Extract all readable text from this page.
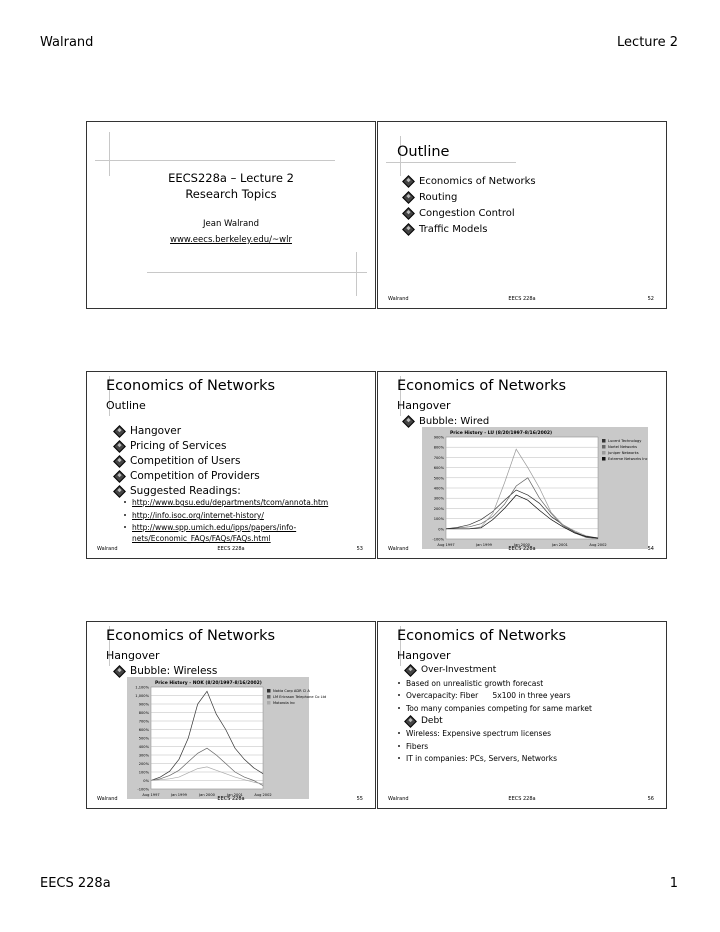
Walrand	Lecture 2
EECS228a – Lecture 2
Research Topics
Jean Walrand
www.eecs.berkeley.edu/~wlr
Outline
Economics of Networks
Routing
Congestion Control
Traffic Models
Walrand	EECS 228a	52
Economics of Networks
Outline
Hangover
Pricing of Services
Competition of Users
Competition of Providers
Suggested Readings:
http://www.bgsu.edu/departments/tcom/annota.htm
http://info.isoc.org/internet-history/
http://www.spp.umich.edu/ipps/papers/info-
nets/Economic_FAQs/FAQs/FAQs.html
Walrand	EECS 228a	53
Economics of Networks
Hangover
Bubble: Wired
Price History - LU (8/20/1997-8/16/2002)
900%
800%
700%
600%
500%
400%
300%
200%
100%
0%
-100%
Aug 1997	Jan 1999	Jan 2000	Jan 2001	Aug 2002
Lucent Technology
Nortel Networks
Juniper Networks
Extreme Networks Inc
Walrand	EECS 228a	54
Economics of Networks
Hangover
Bubble: Wireless
Price History - NOK (8/20/1997-8/16/2002)
1,100%
1,000%
900%
800%
700%
600%
500%
400%
300%
200%
100%
0%
-100%
Aug 1997	Jan 1999	Jan 2000	Jan 2001	Aug 2002
Nokia Corp ADR Cl A
LM Ericsson Telephone Co Ltd
Motorola Inc
Walrand	EECS 228a	55
Economics of Networks
Hangover
Over-Investment
Based on unrealistic growth forecast
Overcapacity: Fiber      5x100 in three years
Too many companies competing for same market
Debt
Wireless: Expensive spectrum licenses
Fibers
IT in companies: PCs, Servers, Networks
Walrand	EECS 228a	56
EECS 228a	1
